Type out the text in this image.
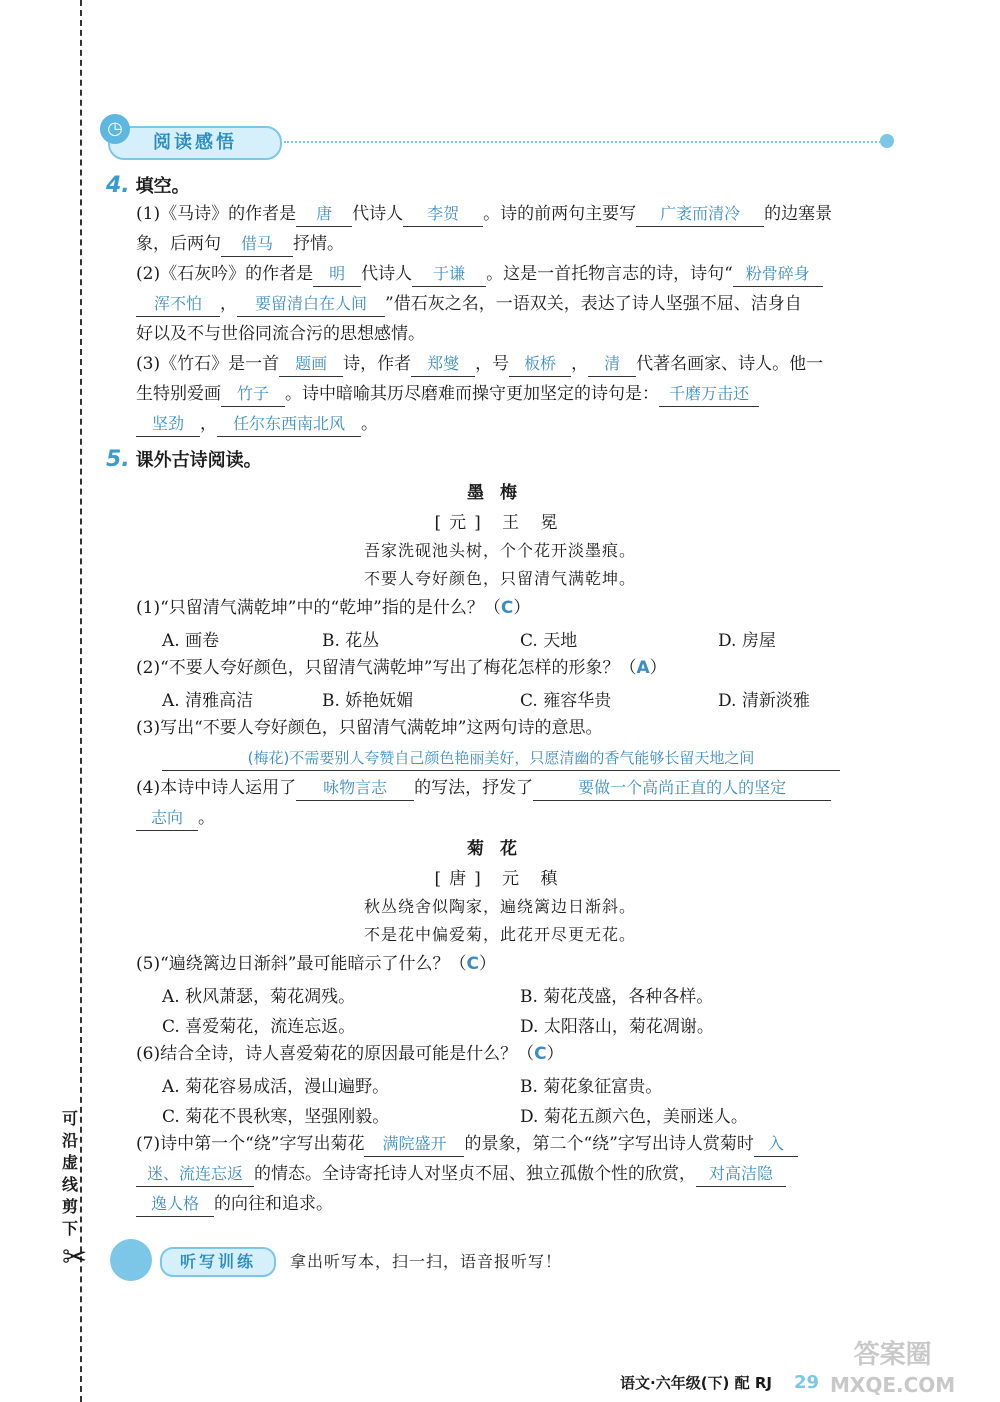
可沿虚线剪下
✂
阅读感悟
◷
4. 填空。
(1)《马诗》的作者是 唐 代诗人 李贺 。诗的前两句主要写 广袤而清冷 的边塞景
象，后两句 借马 抒情。
(2)《石灰吟》的作者是 明 代诗人 于谦 。这是一首托物言志的诗，诗句“ 粉骨碎身
浑不怕 ， 要留清白在人间 ”借石灰之名，一语双关，表达了诗人坚强不屈、洁身自
好以及不与世俗同流合污的思想感情。
(3)《竹石》是一首 题画 诗，作者 郑燮 ，号 板桥 ， 清 代著名画家、诗人。他一
生特别爱画 竹子 。诗中暗喻其历尽磨难而操守更加坚定的诗句是： 千磨万击还
坚劲 ， 任尔东西南北风 。
5. 课外古诗阅读。
墨梅
[元] 王 冕
吾家洗砚池头树，个个花开淡墨痕。
不要人夸好颜色，只留清气满乾坤。
(1)“只留清气满乾坤”中的“乾坤”指的是什么？（C）
A. 画卷	B. 花丛	C. 天地	D. 房屋
(2)“不要人夸好颜色，只留清气满乾坤”写出了梅花怎样的形象？（A）
A. 清雅高洁	B. 娇艳妩媚	C. 雍容华贵	D. 清新淡雅
(3)写出“不要人夸好颜色，只留清气满乾坤”这两句诗的意思。
(梅花)不需要别人夸赞自己颜色艳丽美好，只愿清幽的香气能够长留天地之间
(4)本诗中诗人运用了 咏物言志 的写法，抒发了	要做一个高尚正直的人的坚定
志向 。
菊花
[唐] 元 稹
秋丛绕舍似陶家，遍绕篱边日渐斜。
不是花中偏爱菊，此花开尽更无花。
(5)“遍绕篱边日渐斜”最可能暗示了什么？（C）
A. 秋风萧瑟，菊花凋残。	B. 菊花茂盛，各种各样。
C. 喜爱菊花，流连忘返。	D. 太阳落山，菊花凋谢。
(6)结合全诗，诗人喜爱菊花的原因最可能是什么？（C）
A. 菊花容易成活，漫山遍野。	B. 菊花象征富贵。
C. 菊花不畏秋寒，坚强刚毅。	D. 菊花五颜六色，美丽迷人。
(7)诗中第一个“绕”字写出菊花 满院盛开 的景象，第二个“绕”字写出诗人赏菊时 入
迷、流连忘返 的情态。全诗寄托诗人对坚贞不屈、独立孤傲个性的欣赏， 对高洁隐
逸人格 的向往和追求。
听写训练	拿出听写本，扫一扫，语音报听写！
语文·六年级(下) 配 RJ 29
答案圈
MXQE.COM
